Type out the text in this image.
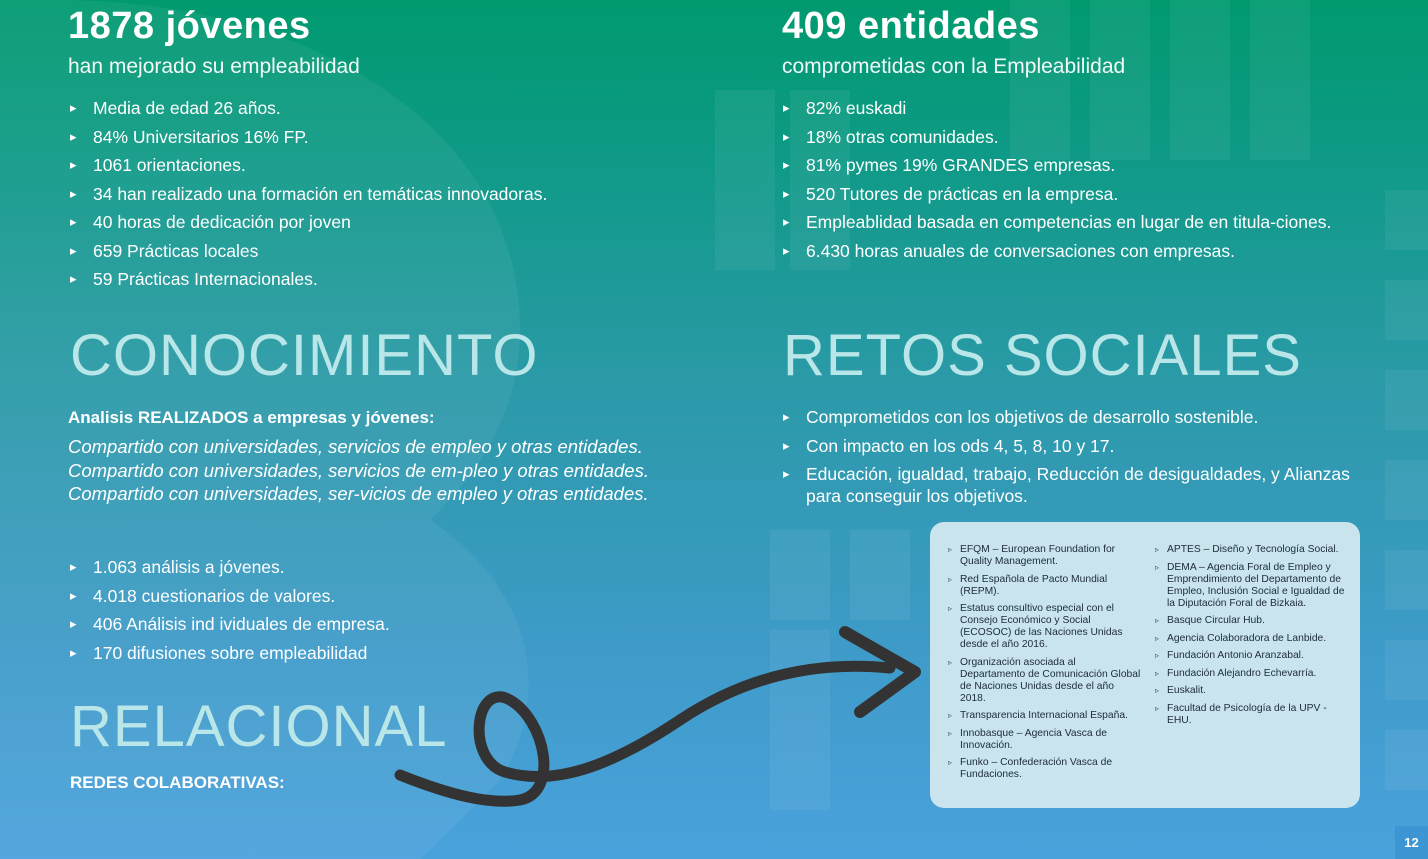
1878 jóvenes
han mejorado su empleabilidad
▸ Media de edad 26 años.
▸ 84% Universitarios 16% FP.
▸ 1061 orientaciones.
▸ 34 han realizado una formación en temáticas innovadoras.
▸ 40 horas de dedicación por joven
▸ 659 Prácticas locales
▸ 59 Prácticas Internacionales.
CONOCIMIENTO
Analisis REALIZADOS a empresas y jóvenes:
Compartido con universidades, servicios de empleo y otras entidades. Compartido con universidades, servicios de em-pleo y otras entidades. Compartido con universidades, ser-vicios de empleo y otras entidades.
▸ 1.063 análisis a jóvenes.
▸ 4.018 cuestionarios de valores.
▸ 406 Análisis ind ividuales de empresa.
▸ 170 difusiones sobre empleabilidad
RELACIONAL
REDES COLABORATIVAS:
409 entidades
comprometidas con la Empleabilidad
▸ 82% euskadi
▸ 18% otras comunidades.
▸ 81% pymes 19% GRANDES empresas.
▸ 520 Tutores de prácticas en la empresa.
▸ Empleablidad basada en competencias en lugar de en titula-ciones.
▸ 6.430 horas anuales de conversaciones con empresas.
RETOS SOCIALES
▸ Comprometidos con los objetivos de desarrollo sostenible.
▸ Con impacto en los ods 4, 5, 8, 10 y 17.
▸ Educación, igualdad, trabajo, Reducción de desigualdades, y Alianzas para conseguir los objetivos.
▹ EFQM – European Foundation for Quality Management.
▹ Red Española de Pacto Mundial (REPM).
▹ Estatus consultivo especial con el Consejo Económico y Social (ECOSOC) de las Naciones Unidas desde el año 2016.
▹ Organización asociada al Departamento de Comunicación Global de Naciones Unidas desde el año 2018.
▹ Transparencia Internacional España.
▹ Innobasque – Agencia Vasca de Innovación.
▹ Funko – Confederación Vasca de Fundaciones.
▹ APTES – Diseño y Tecnología Social.
▹ DEMA – Agencia Foral de Empleo y Emprendimiento del Departamento de Empleo, Inclusión Social e Igualdad de la Diputación Foral de Bizkaia.
▹ Basque Circular Hub.
▹ Agencia Colaboradora de Lanbide.
▹ Fundación Antonio Aranzabal.
▹ Fundación Alejandro Echevarría.
▹ Euskalit.
▹ Facultad de Psicología de la UPV - EHU.
12
